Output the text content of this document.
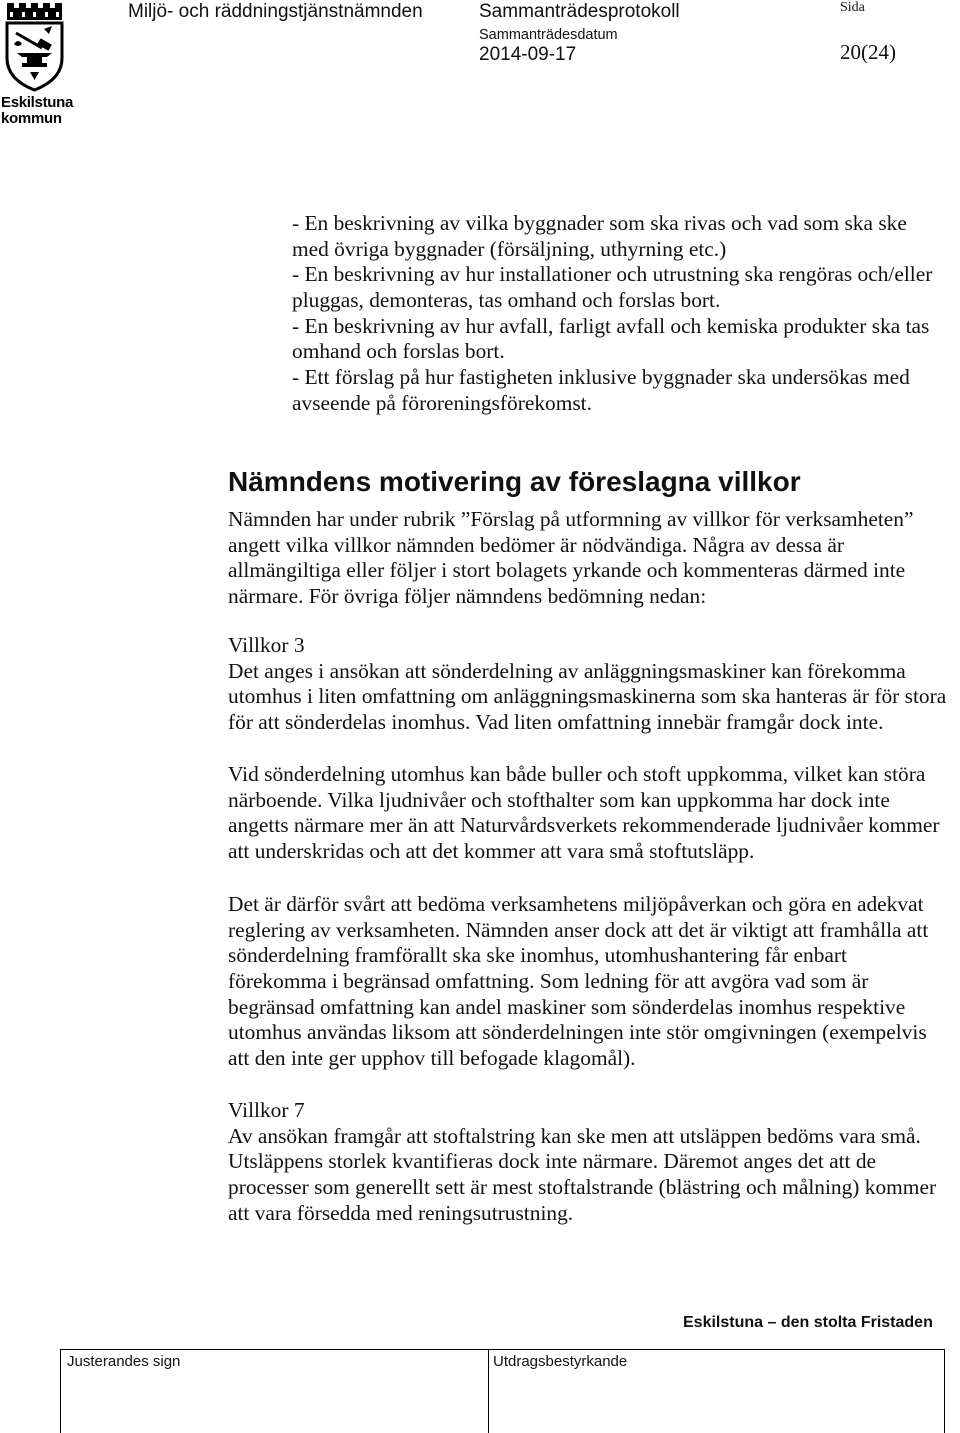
Eskilstuna
kommun
Miljö- och räddningstjänstnämnden	Sammanträdesprotokoll
Sammanträdesdatum
2014-09-17
Sida
20(24)
- En beskrivning av vilka byggnader som ska rivas och vad som ska ske
med övriga byggnader (försäljning, uthyrning etc.)
- En beskrivning av hur installationer och utrustning ska rengöras och/eller
pluggas, demonteras, tas omhand och forslas bort.
- En beskrivning av hur avfall, farligt avfall och kemiska produkter ska tas
omhand och forslas bort.
- Ett förslag på hur fastigheten inklusive byggnader ska undersökas med
avseende på föroreningsförekomst.
Nämndens motivering av föreslagna villkor
Nämnden har under rubrik ”Förslag på utformning av villkor för verksamheten”
angett vilka villkor nämnden bedömer är nödvändiga. Några av dessa är
allmängiltiga eller följer i stort bolagets yrkande och kommenteras därmed inte
närmare. För övriga följer nämndens bedömning nedan:
Villkor 3
Det anges i ansökan att sönderdelning av anläggningsmaskiner kan förekomma
utomhus i liten omfattning om anläggningsmaskinerna som ska hanteras är för stora
för att sönderdelas inomhus. Vad liten omfattning innebär framgår dock inte.
Vid sönderdelning utomhus kan både buller och stoft uppkomma, vilket kan störa
närboende. Vilka ljudnivåer och stofthalter som kan uppkomma har dock inte
angetts närmare mer än att Naturvårdsverkets rekommenderade ljudnivåer kommer
att underskridas och att det kommer att vara små stoftutsläpp.
Det är därför svårt att bedöma verksamhetens miljöpåverkan och göra en adekvat
reglering av verksamheten. Nämnden anser dock att det är viktigt att framhålla att
sönderdelning framförallt ska ske inomhus, utomhushantering får enbart
förekomma i begränsad omfattning. Som ledning för att avgöra vad som är
begränsad omfattning kan andel maskiner som sönderdelas inomhus respektive
utomhus användas liksom att sönderdelningen inte stör omgivningen (exempelvis
att den inte ger upphov till befogade klagomål).
Villkor 7
Av ansökan framgår att stoftalstring kan ske men att utsläppen bedöms vara små.
Utsläppens storlek kvantifieras dock inte närmare. Däremot anges det att de
processer som generellt sett är mest stoftalstrande (blästring och målning) kommer
att vara försedda med reningsutrustning.
Eskilstuna – den stolta Fristaden
Justerandes sign	Utdragsbestyrkande
